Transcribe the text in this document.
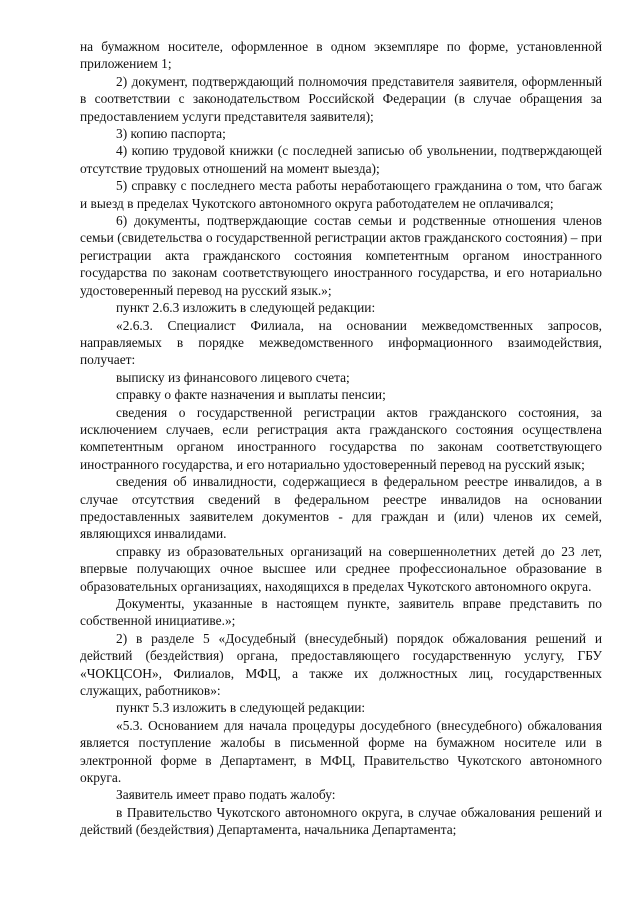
на бумажном носителе, оформленное в одном экземпляре по форме, установленной приложением 1;

2) документ, подтверждающий полномочия представителя заявителя, оформленный в соответствии с законодательством Российской Федерации (в случае обращения за предоставлением услуги представителя заявителя);

3) копию паспорта;

4) копию трудовой книжки (с последней записью об увольнении, подтверждающей отсутствие трудовых отношений на момент выезда);

5) справку с последнего места работы неработающего гражданина о том, что багаж и выезд в пределах Чукотского автономного округа работодателем не оплачивался;

6) документы, подтверждающие состав семьи и родственные отношения членов семьи (свидетельства о государственной регистрации актов гражданского состояния) – при регистрации акта гражданского состояния компетентным органом иностранного государства по законам соответствующего иностранного государства, и его нотариально удостоверенный перевод на русский язык.»;

пункт 2.6.3 изложить в следующей редакции:

«2.6.3. Специалист Филиала, на основании межведомственных запросов, направляемых в порядке межведомственного информационного взаимодействия, получает:

выписку из финансового лицевого счета;

справку о факте назначения и выплаты пенсии;

сведения о государственной регистрации актов гражданского состояния, за исключением случаев, если регистрация акта гражданского состояния осуществлена компетентным органом иностранного государства по законам соответствующего иностранного государства, и его нотариально удостоверенный перевод на русский язык;

сведения об инвалидности, содержащиеся в федеральном реестре инвалидов, а в случае отсутствия сведений в федеральном реестре инвалидов на основании предоставленных заявителем документов - для граждан и (или) членов их семей, являющихся инвалидами.

справку из образовательных организаций на совершеннолетних детей до 23 лет, впервые получающих очное высшее или среднее профессиональное образование в образовательных организациях, находящихся в пределах Чукотского автономного округа.

Документы, указанные в настоящем пункте, заявитель вправе представить по собственной инициативе.»;

2) в разделе 5 «Досудебный (внесудебный) порядок обжалования решений и действий (бездействия) органа, предоставляющего государственную услугу, ГБУ «ЧОКЦСОН», Филиалов, МФЦ, а также их должностных лиц, государственных служащих, работников»:

пункт 5.3 изложить в следующей редакции:

«5.3. Основанием для начала процедуры досудебного (внесудебного) обжалования является поступление жалобы в письменной форме на бумажном носителе или в электронной форме в Департамент, в МФЦ, Правительство Чукотского автономного округа.

Заявитель имеет право подать жалобу:

в Правительство Чукотского автономного округа, в случае обжалования решений и действий (бездействия) Департамента, начальника Департамента;
